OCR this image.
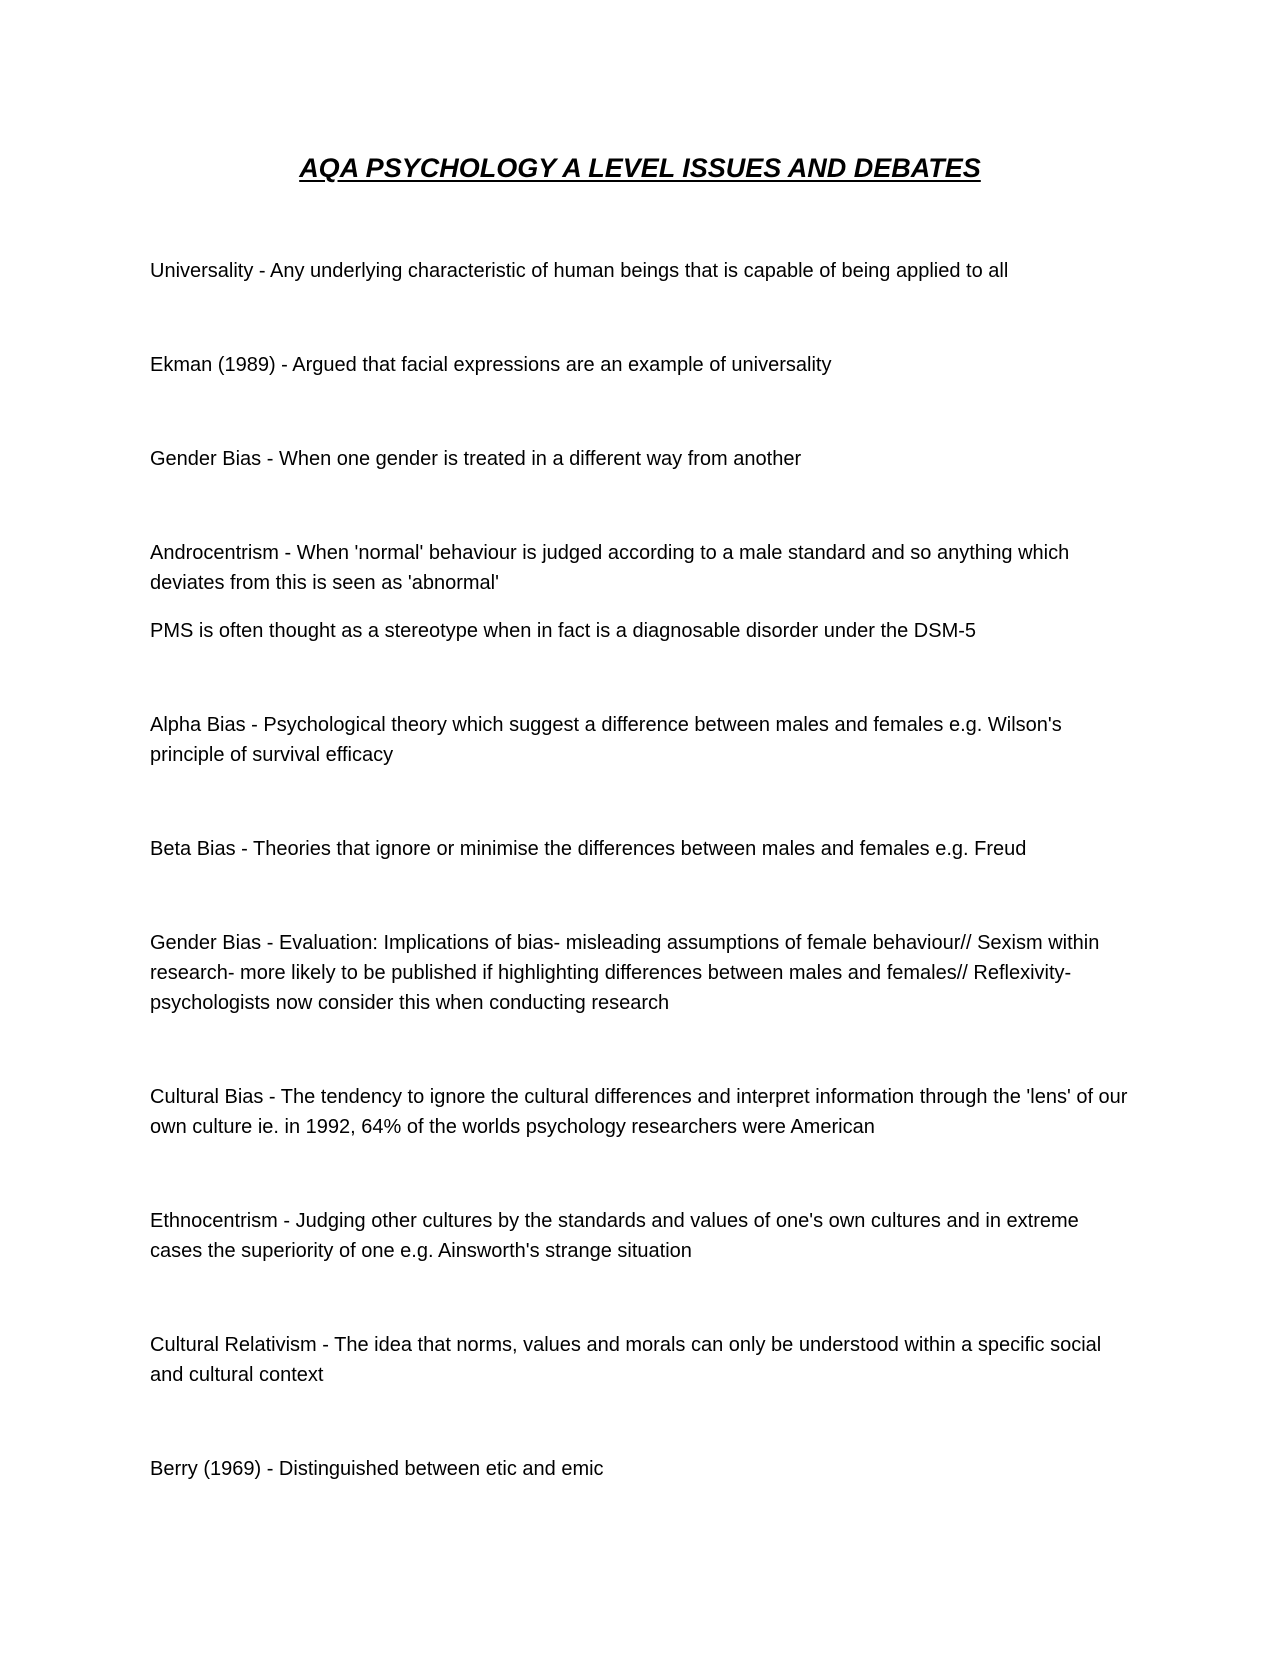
AQA PSYCHOLOGY A LEVEL ISSUES AND DEBATES

Universality - Any underlying characteristic of human beings that is capable of being applied to all

Ekman (1989) - Argued that facial expressions are an example of universality

Gender Bias - When one gender is treated in a different way from another

Androcentrism - When 'normal' behaviour is judged according to a male standard and so anything which deviates from this is seen as 'abnormal'

PMS is often thought as a stereotype when in fact is a diagnosable disorder under the DSM-5

Alpha Bias - Psychological theory which suggest a difference between males and females e.g. Wilson's principle of survival efficacy

Beta Bias - Theories that ignore or minimise the differences between males and females e.g. Freud

Gender Bias - Evaluation: Implications of bias- misleading assumptions of female behaviour// Sexism within research- more likely to be published if highlighting differences between males and females// Reflexivity- psychologists now consider this when conducting research

Cultural Bias - The tendency to ignore the cultural differences and interpret information through the 'lens' of our own culture ie. in 1992, 64% of the worlds psychology researchers were American

Ethnocentrism - Judging other cultures by the standards and values of one's own cultures and in extreme cases the superiority of one e.g. Ainsworth's strange situation

Cultural Relativism - The idea that norms, values and morals can only be understood within a specific social and cultural context

Berry (1969) - Distinguished between etic and emic
